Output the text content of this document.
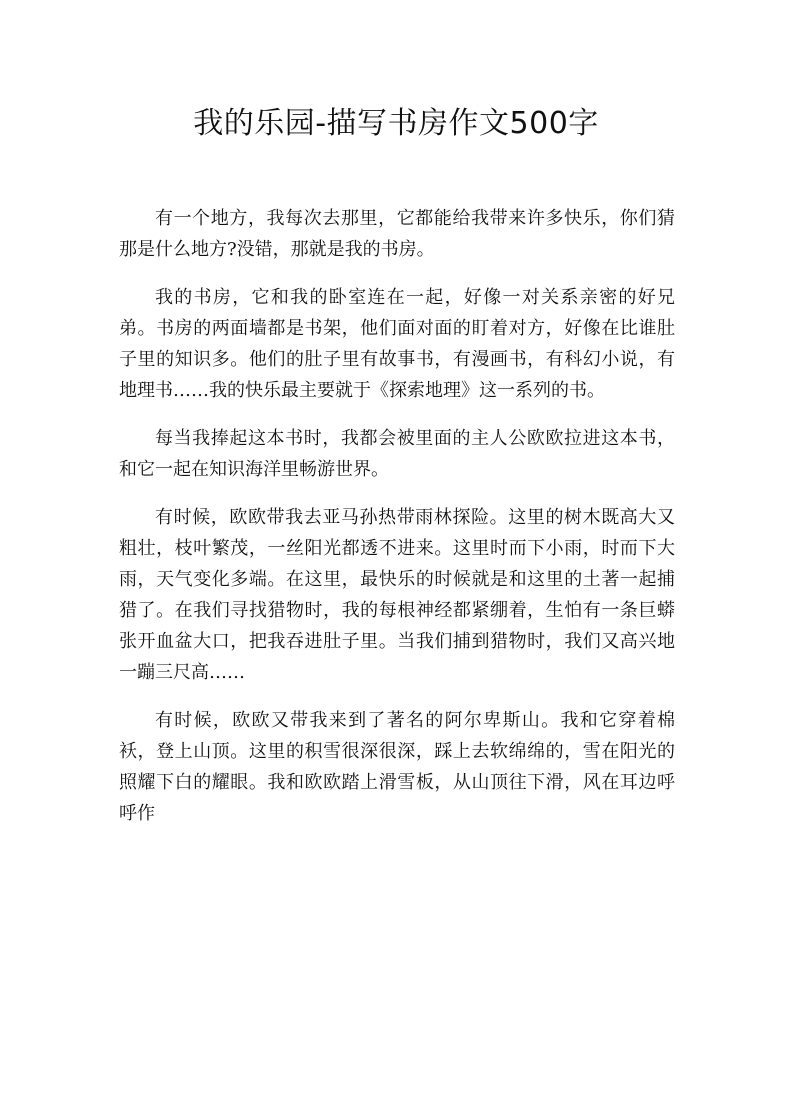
我的乐园-描写书房作文500字

有一个地方，我每次去那里，它都能给我带来许多快乐，你们猜那是什么地方?没错，那就是我的书房。

我的书房，它和我的卧室连在一起，好像一对关系亲密的好兄弟。书房的两面墙都是书架，他们面对面的盯着对方，好像在比谁肚子里的知识多。他们的肚子里有故事书，有漫画书，有科幻小说，有地理书……我的快乐最主要就于《探索地理》这一系列的书。

每当我捧起这本书时，我都会被里面的主人公欧欧拉进这本书，和它一起在知识海洋里畅游世界。

有时候，欧欧带我去亚马孙热带雨林探险。这里的树木既高大又粗壮，枝叶繁茂，一丝阳光都透不进来。这里时而下小雨，时而下大雨，天气变化多端。在这里，最快乐的时候就是和这里的土著一起捕猎了。在我们寻找猎物时，我的每根神经都紧绷着，生怕有一条巨蟒张开血盆大口，把我吞进肚子里。当我们捕到猎物时，我们又高兴地一蹦三尺高……

有时候，欧欧又带我来到了著名的阿尔卑斯山。我和它穿着棉袄，登上山顶。这里的积雪很深很深，踩上去软绵绵的，雪在阳光的照耀下白的耀眼。我和欧欧踏上滑雪板，从山顶往下滑，风在耳边呼呼作
